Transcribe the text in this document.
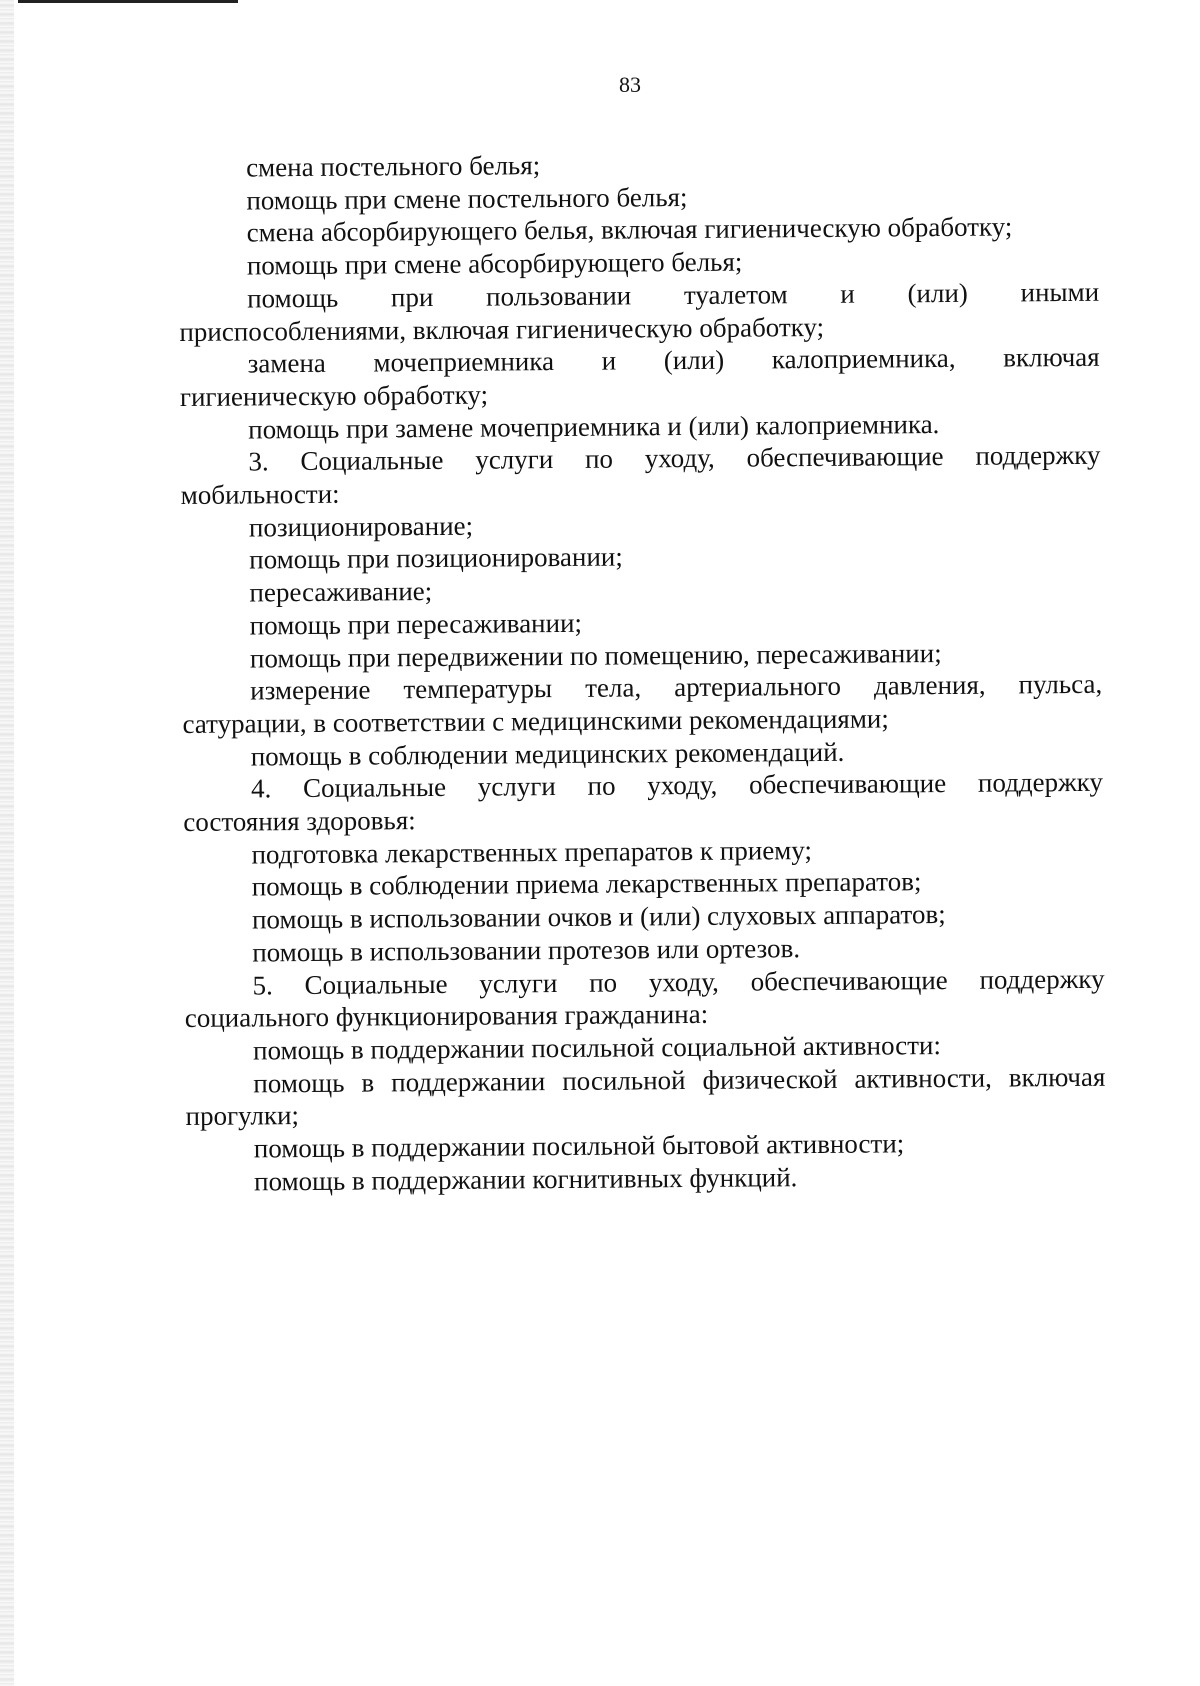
83
смена постельного белья;
помощь при смене постельного белья;
смена абсорбирующего белья, включая гигиеническую обработку;
помощь при смене абсорбирующего белья;
помощь при пользовании туалетом и (или) иными
приспособлениями, включая гигиеническую обработку;
замена мочеприемника и (или) калоприемника, включая
гигиеническую обработку;
помощь при замене мочеприемника и (или) калоприемника.
3. Социальные услуги по уходу, обеспечивающие поддержку
мобильности:
позиционирование;
помощь при позиционировании;
пересаживание;
помощь при пересаживании;
помощь при передвижении по помещению, пересаживании;
измерение температуры тела, артериального давления, пульса,
сатурации, в соответствии с медицинскими рекомендациями;
помощь в соблюдении медицинских рекомендаций.
4. Социальные услуги по уходу, обеспечивающие поддержку
состояния здоровья:
подготовка лекарственных препаратов к приему;
помощь в соблюдении приема лекарственных препаратов;
помощь в использовании очков и (или) слуховых аппаратов;
помощь в использовании протезов или ортезов.
5. Социальные услуги по уходу, обеспечивающие поддержку
социального функционирования гражданина:
помощь в поддержании посильной социальной активности:
помощь в поддержании посильной физической активности, включая
прогулки;
помощь в поддержании посильной бытовой активности;
помощь в поддержании когнитивных функций.
